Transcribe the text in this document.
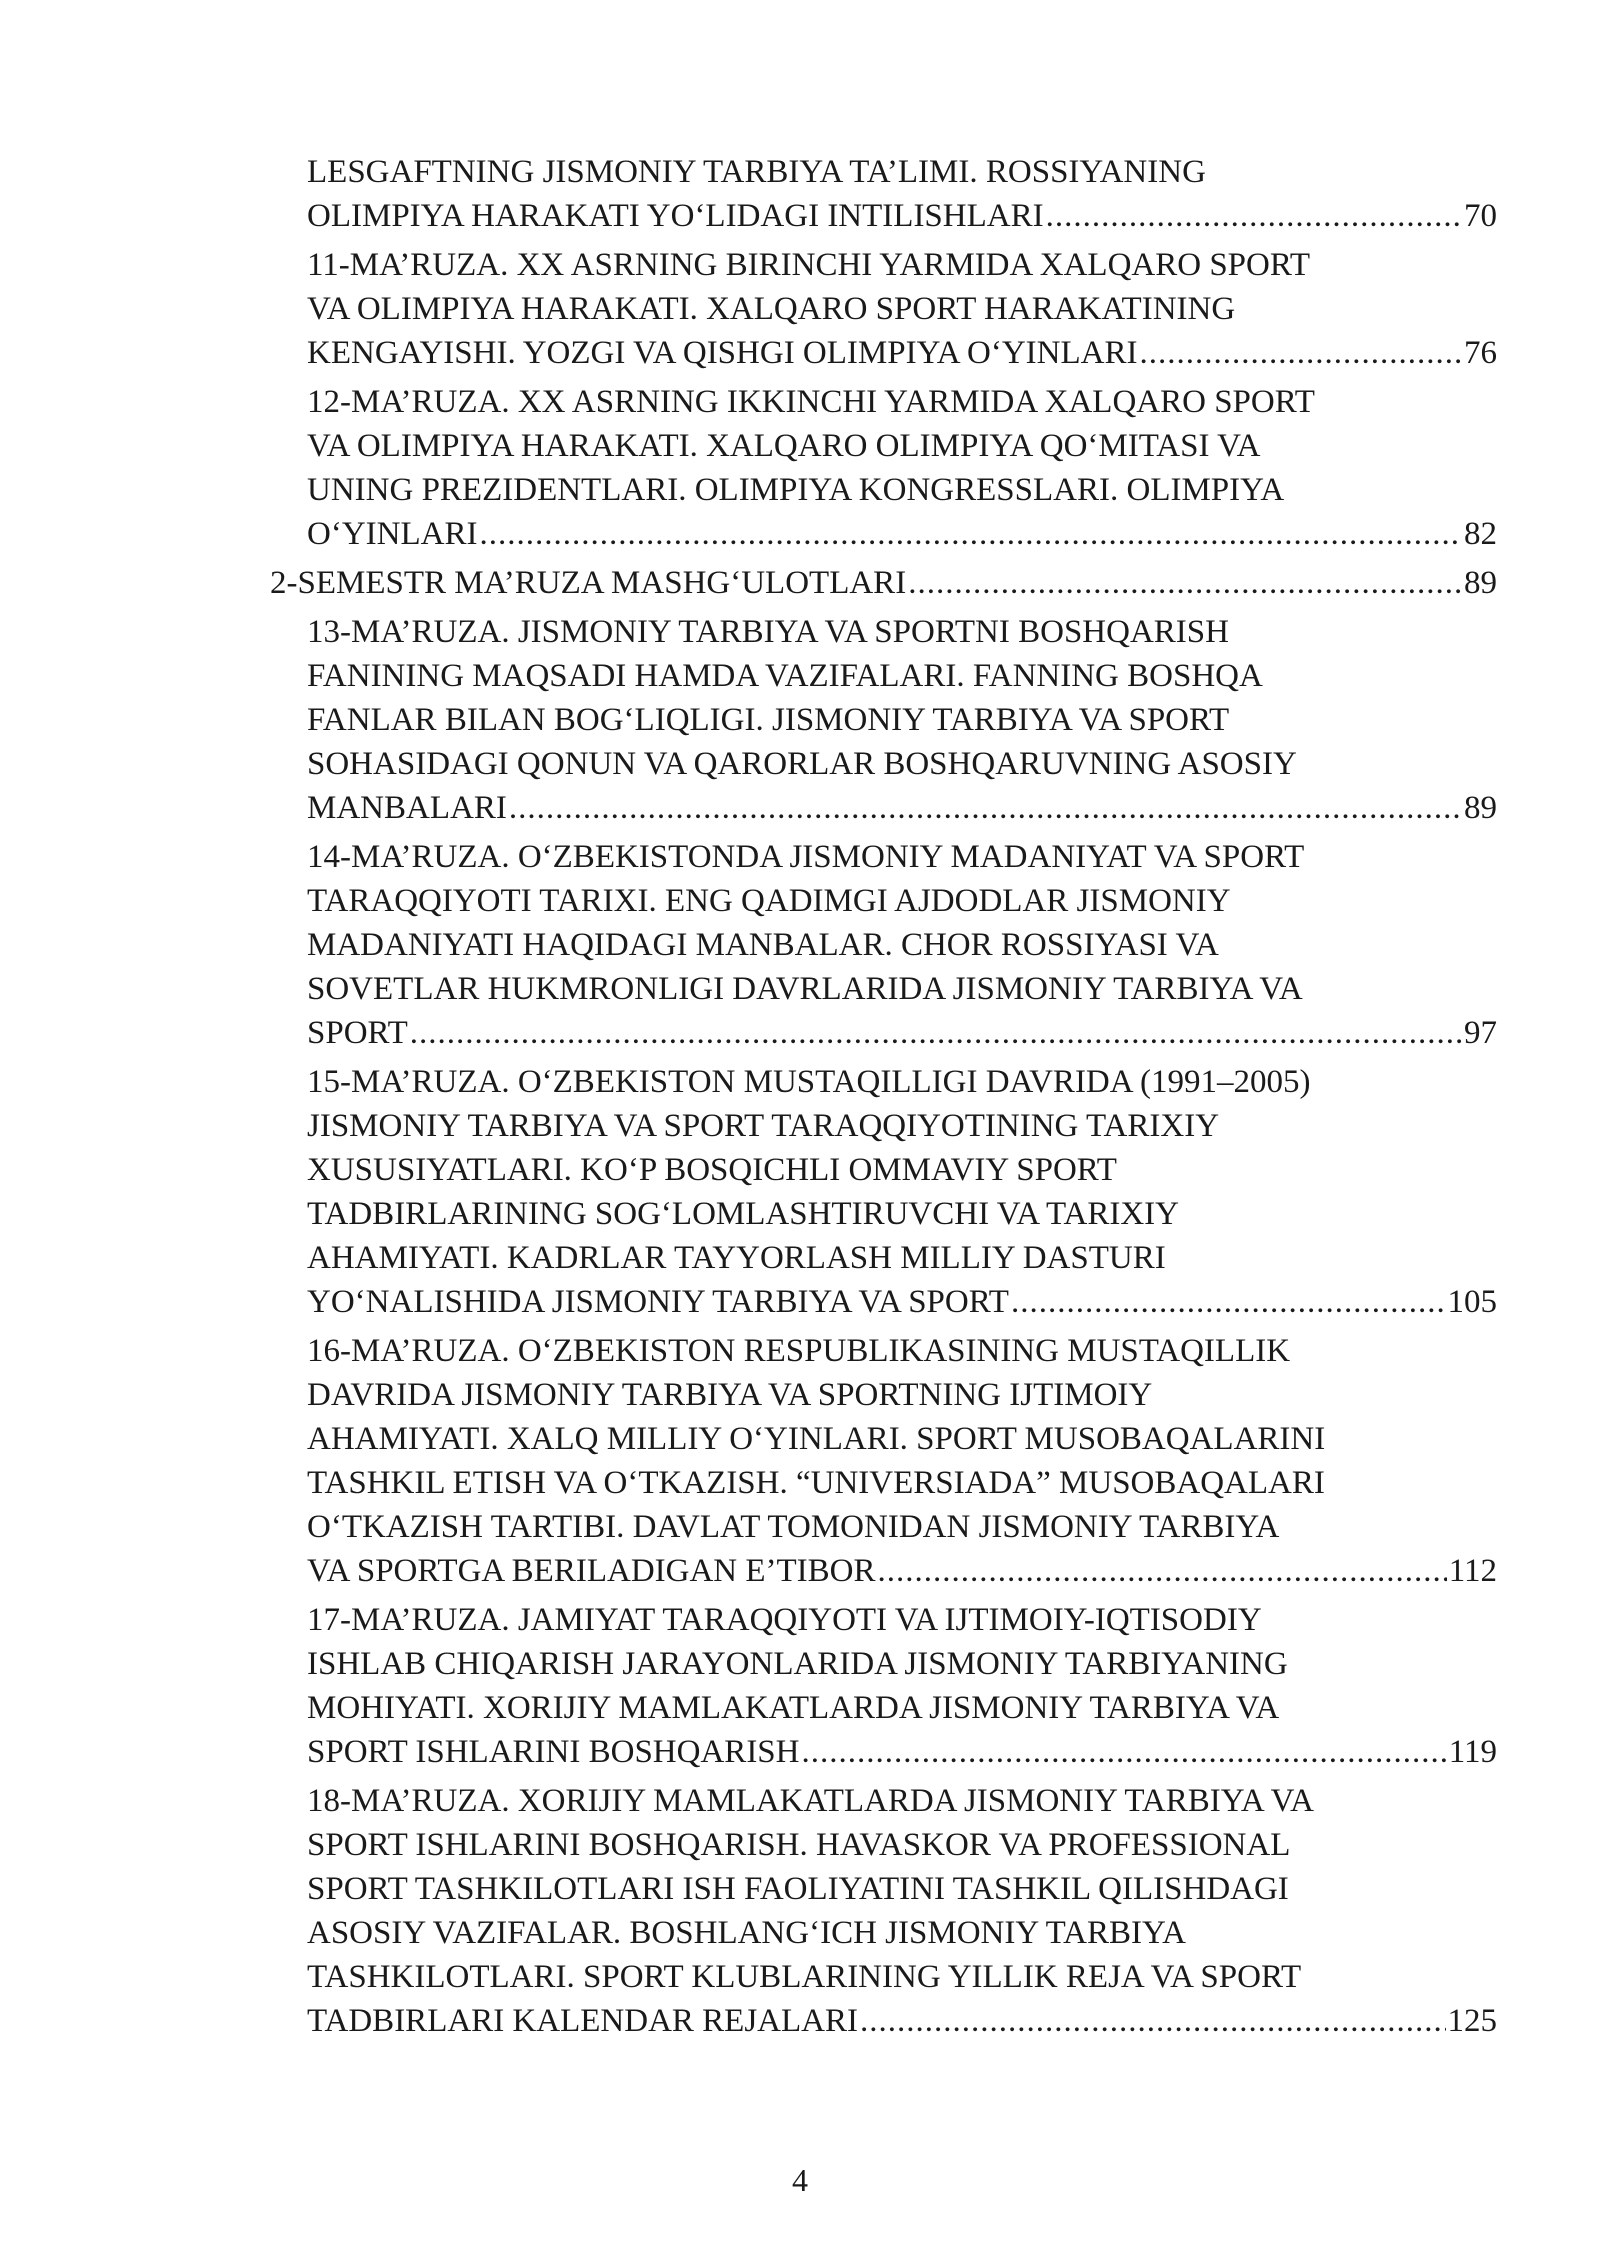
LESGAFTNING JISMONIY TARBIYA TA’LIMI. ROSSIYANING
OLIMPIYA HARAKATI YO‘LIDAGI INTILISHLARI .....	70
11-MA’RUZA. XX ASRNING BIRINCHI YARMIDA XALQARO SPORT
VA OLIMPIYA HARAKATI. XALQARO SPORT HARAKATINING
KENGAYISHI. YOZGI VA QISHGI OLIMPIYA O‘YINLARI .....	76
12-MA’RUZA. XX ASRNING IKKINCHI YARMIDA XALQARO SPORT
VA OLIMPIYA HARAKATI. XALQARO OLIMPIYA QO‘MITASI VA
UNING PREZIDENTLARI. OLIMPIYA KONGRESSLARI. OLIMPIYA
O‘YINLARI .....	82
2-SEMESTR MA’RUZA MASHG‘ULOTLARI .....	89
13-MA’RUZA. JISMONIY TARBIYA VA SPORTNI BOSHQARISH
FANINING MAQSADI HAMDA VAZIFALARI. FANNING BOSHQA
FANLAR BILAN BOG‘LIQLIGI. JISMONIY TARBIYA VA SPORT
SOHASIDAGI QONUN VA QARORLAR BOSHQARUVNING ASOSIY
MANBALARI .....	89
14-MA’RUZA. O‘ZBEKISTONDA JISMONIY MADANIYAT VA SPORT
TARAQQIYOTI TARIXI. ENG QADIMGI AJDODLAR JISMONIY
MADANIYATI HAQIDAGI MANBALAR. CHOR ROSSIYASI VA
SOVETLAR HUKMRONLIGI DAVRLARIDA JISMONIY TARBIYA VA
SPORT .....	97
15-MA’RUZA. O‘ZBEKISTON MUSTAQILLIGI DAVRIDA (1991–2005)
JISMONIY TARBIYA VA SPORT TARAQQIYOTINING TARIXIY
XUSUSIYATLARI. KO‘P BOSQICHLI OMMAVIY SPORT
TADBIRLARINING SOG‘LOMLASHTIRUVCHI VA TARIXIY
AHAMIYATI. KADRLAR TAYYORLASH MILLIY DASTURI
YO‘NALISHIDA JISMONIY TARBIYA VA SPORT .....	105
16-MA’RUZA. O‘ZBEKISTON RESPUBLIKASINING MUSTAQILLIK
DAVRIDA JISMONIY TARBIYA VA SPORTNING IJTIMOIY
AHAMIYATI. XALQ MILLIY O‘YINLARI. SPORT MUSOBAQALARINI
TASHKIL ETISH VA O‘TKAZISH. “UNIVERSIADA” MUSOBAQALARI
O‘TKAZISH TARTIBI. DAVLAT TOMONIDAN JISMONIY TARBIYA
VA SPORTGA BERILADIGAN E’TIBOR .....	112
17-MA’RUZA. JAMIYAT TARAQQIYOTI VA IJTIMOIY-IQTISODIY
ISHLAB CHIQARISH JARAYONLARIDA JISMONIY TARBIYANING
MOHIYATI. XORIJIY MAMLAKATLARDA JISMONIY TARBIYA VA
SPORT ISHLARINI BOSHQARISH .....	119
18-MA’RUZA. XORIJIY MAMLAKATLARDA JISMONIY TARBIYA VA
SPORT ISHLARINI BOSHQARISH. HAVASKOR VA PROFESSIONAL
SPORT TASHKILOTLARI ISH FAOLIYATINI TASHKIL QILISHDAGI
ASOSIY VAZIFALAR. BOSHLANG‘ICH JISMONIY TARBIYA
TASHKILOTLARI. SPORT KLUBLARINING YILLIK REJA VA SPORT
TADBIRLARI KALENDAR REJALARI .....	125
4
